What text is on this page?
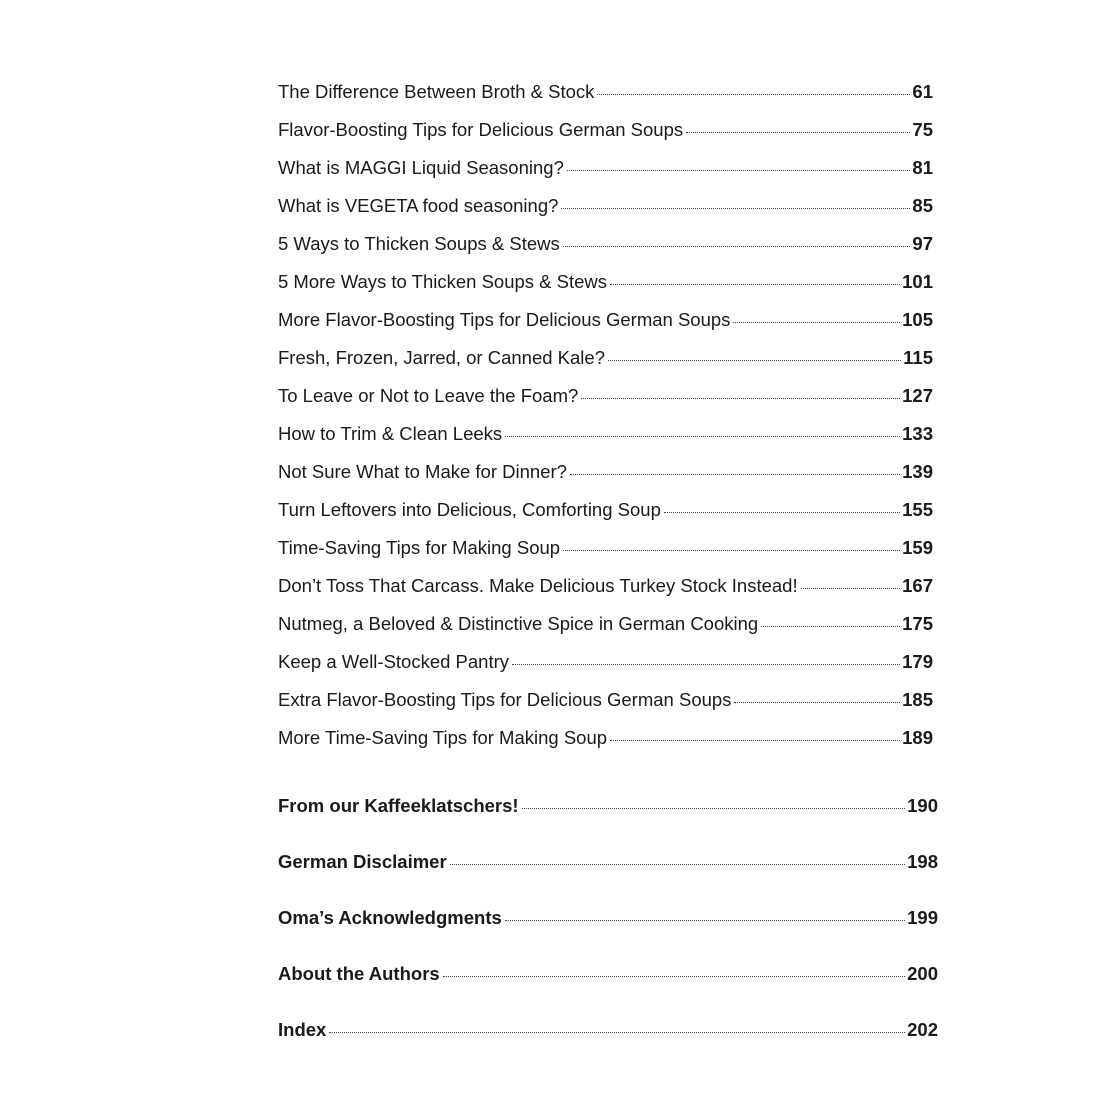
The Difference Between Broth & Stock	61
Flavor-Boosting Tips for Delicious German Soups	75
What is MAGGI Liquid Seasoning?	81
What is VEGETA food seasoning?	85
5 Ways to Thicken Soups & Stews	97
5 More Ways to Thicken Soups & Stews	101
More Flavor-Boosting Tips for Delicious German Soups	105
Fresh, Frozen, Jarred, or Canned Kale?	115
To Leave or Not to Leave the Foam?	127
How to Trim & Clean Leeks	133
Not Sure What to Make for Dinner?	139
Turn Leftovers into Delicious, Comforting Soup	155
Time-Saving Tips for Making Soup	159
Don’t Toss That Carcass. Make Delicious Turkey Stock Instead!	167
Nutmeg, a Beloved & Distinctive Spice in German Cooking	175
Keep a Well-Stocked Pantry	179
Extra Flavor-Boosting Tips for Delicious German Soups	185
More Time-Saving Tips for Making Soup	189
From our Kaffeeklatschers!	190
German Disclaimer	198
Oma’s Acknowledgments	199
About the Authors	200
Index	202
